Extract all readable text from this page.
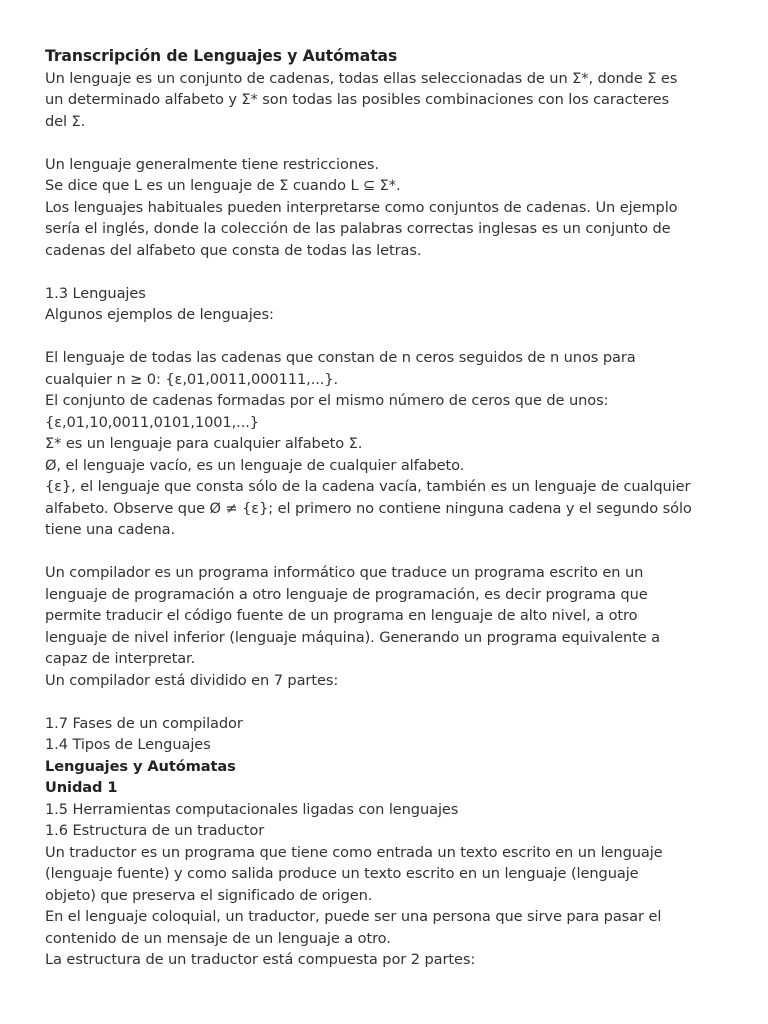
Transcripción de Lenguajes y Autómatas
Un lenguaje es un conjunto de cadenas, todas ellas seleccionadas de un Σ*, donde Σ es
un determinado alfabeto y Σ* son todas las posibles combinaciones con los caracteres
del Σ.
Un lenguaje generalmente tiene restricciones.
Se dice que L es un lenguaje de Σ cuando L ⊆ Σ*.
Los lenguajes habituales pueden interpretarse como conjuntos de cadenas. Un ejemplo
sería el inglés, donde la colección de las palabras correctas inglesas es un conjunto de
cadenas del alfabeto que consta de todas las letras.
1.3 Lenguajes
Algunos ejemplos de lenguajes:
El lenguaje de todas las cadenas que constan de n ceros seguidos de n unos para
cualquier n ≥ 0: {ε,01,0011,000111,...}.
El conjunto de cadenas formadas por el mismo número de ceros que de unos:
{ε,01,10,0011,0101,1001,...}
Σ* es un lenguaje para cualquier alfabeto Σ.
Ø, el lenguaje vacío, es un lenguaje de cualquier alfabeto.
{ε}, el lenguaje que consta sólo de la cadena vacía, también es un lenguaje de cualquier
alfabeto. Observe que Ø ≠ {ε}; el primero no contiene ninguna cadena y el segundo sólo
tiene una cadena.
Un compilador es un programa informático que traduce un programa escrito en un
lenguaje de programación a otro lenguaje de programación, es decir programa que
permite traducir el código fuente de un programa en lenguaje de alto nivel, a otro
lenguaje de nivel inferior (lenguaje máquina). Generando un programa equivalente a
capaz de interpretar.
Un compilador está dividido en 7 partes:
1.7 Fases de un compilador
1.4 Tipos de Lenguajes
Lenguajes y Autómatas
Unidad 1
1.5 Herramientas computacionales ligadas con lenguajes
1.6 Estructura de un traductor
Un traductor es un programa que tiene como entrada un texto escrito en un lenguaje
(lenguaje fuente) y como salida produce un texto escrito en un lenguaje (lenguaje
objeto) que preserva el significado de origen.
En el lenguaje coloquial, un traductor, puede ser una persona que sirve para pasar el
contenido de un mensaje de un lenguaje a otro.
La estructura de un traductor está compuesta por 2 partes:
